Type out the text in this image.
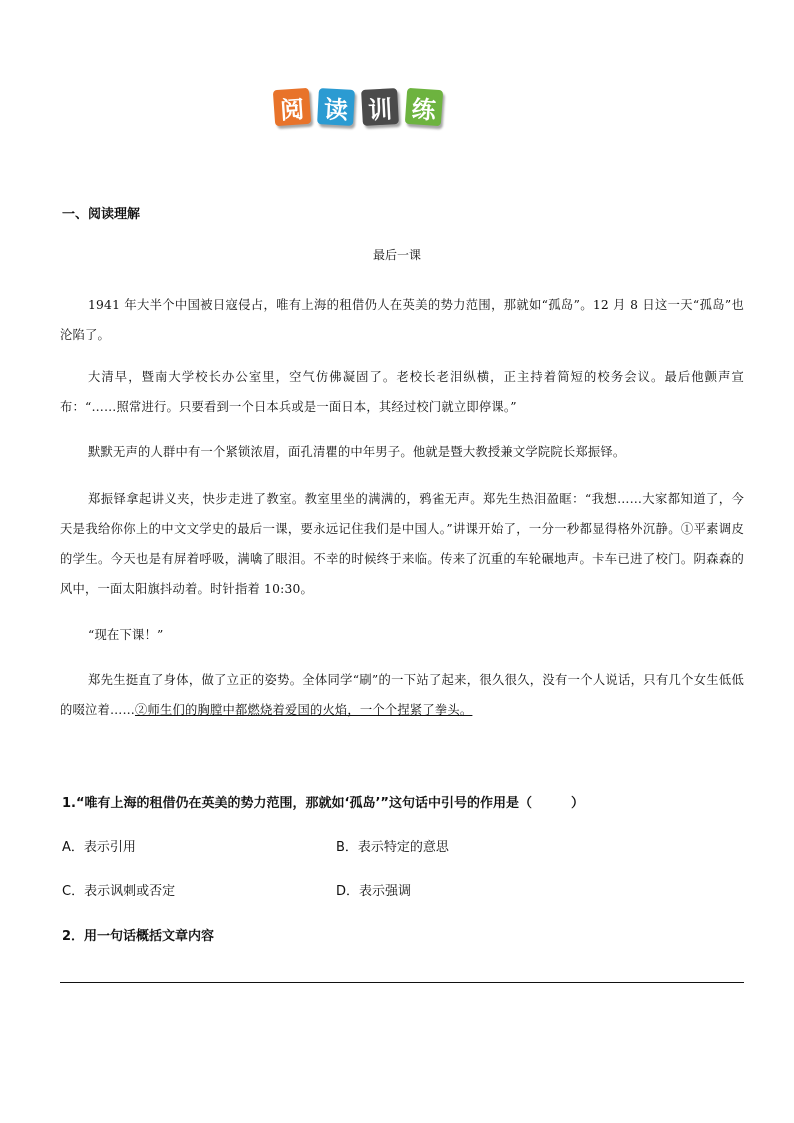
阅 读 训 练
一、阅读理解
最后一课
1941 年大半个中国被日寇侵占，唯有上海的租借仍人在英美的势力范围，那就如“孤岛”。12 月 8 日这一天“孤岛”也沦陷了。
大清早，暨南大学校长办公室里，空气仿佛凝固了。老校长老泪纵横，正主持着简短的校务会议。最后他颤声宣布：“……照常进行。只要看到一个日本兵或是一面日本，其经过校门就立即停课。”
默默无声的人群中有一个紧锁浓眉，面孔清瞿的中年男子。他就是暨大教授兼文学院院长郑振铎。
郑振铎拿起讲义夹，快步走进了教室。教室里坐的满满的，鸦雀无声。郑先生热泪盈眶：“我想……大家都知道了，今天是我给你你上的中文文学史的最后一课，要永远记住我们是中国人。”讲课开始了，一分一秒都显得格外沉静。①平素调皮的学生。今天也是有屏着呼吸，满噙了眼泪。不幸的时候终于来临。传来了沉重的车轮碾地声。卡车已进了校门。阴森森的风中，一面太阳旗抖动着。时针指着 10:30。
“现在下课！”
郑先生挺直了身体，做了立正的姿势。全体同学“刷”的一下站了起来，很久很久，没有一个人说话，只有几个女生低低的啜泣着……②师生们的胸膛中都燃烧着爱国的火焰，一个个捏紧了拳头。
1.“唯有上海的租借仍在英美的势力范围，那就如‘孤岛’”这句话中引号的作用是（　　　）
A．表示引用	B．表示特定的意思
C．表示讽刺或否定	D．表示强调
2．用一句话概括文章内容
